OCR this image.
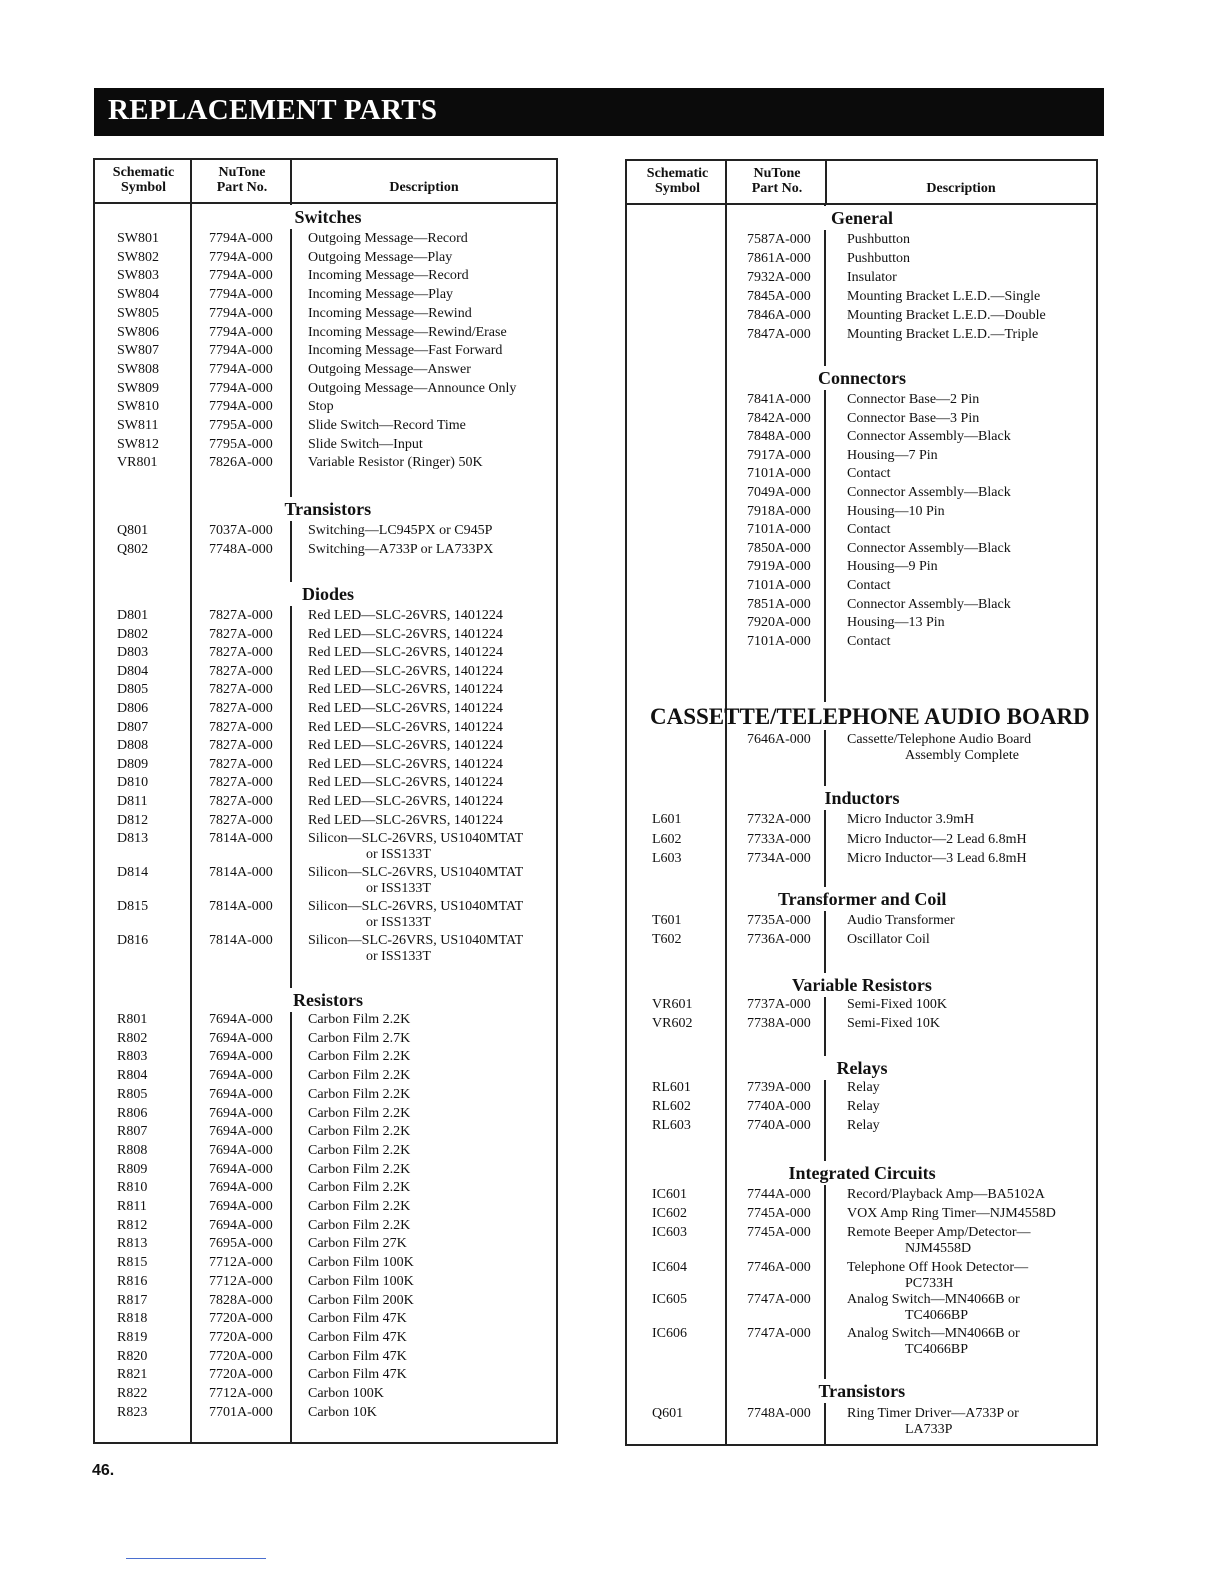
REPLACEMENT PARTS
Schematic
Symbol
NuTone
Part No.	Description
Switches
SW801	7794A-000	Outgoing Message—Record
SW802	7794A-000	Outgoing Message—Play
SW803	7794A-000	Incoming Message—Record
SW804	7794A-000	Incoming Message—Play
SW805	7794A-000	Incoming Message—Rewind
SW806	7794A-000	Incoming Message—Rewind/Erase
SW807	7794A-000	Incoming Message—Fast Forward
SW808	7794A-000	Outgoing Message—Answer
SW809	7794A-000	Outgoing Message—Announce Only
SW810	7794A-000	Stop
SW811	7795A-000	Slide Switch—Record Time
SW812	7795A-000	Slide Switch—Input
VR801	7826A-000	Variable Resistor (Ringer) 50K
Transistors
Q801	7037A-000	Switching—LC945PX or C945P
Q802	7748A-000	Switching—A733P or LA733PX
Diodes
D801	7827A-000	Red LED—SLC-26VRS, 1401224
D802	7827A-000	Red LED—SLC-26VRS, 1401224
D803	7827A-000	Red LED—SLC-26VRS, 1401224
D804	7827A-000	Red LED—SLC-26VRS, 1401224
D805	7827A-000	Red LED—SLC-26VRS, 1401224
D806	7827A-000	Red LED—SLC-26VRS, 1401224
D807	7827A-000	Red LED—SLC-26VRS, 1401224
D808	7827A-000	Red LED—SLC-26VRS, 1401224
D809	7827A-000	Red LED—SLC-26VRS, 1401224
D810	7827A-000	Red LED—SLC-26VRS, 1401224
D811	7827A-000	Red LED—SLC-26VRS, 1401224
D812	7827A-000	Red LED—SLC-26VRS, 1401224
D813	7814A-000	Silicon—SLC-26VRS, US1040MTAT
or ISS133T
D814	7814A-000	Silicon—SLC-26VRS, US1040MTAT
or ISS133T
D815	7814A-000	Silicon—SLC-26VRS, US1040MTAT
or ISS133T
D816	7814A-000	Silicon—SLC-26VRS, US1040MTAT
or ISS133T
Resistors
R801	7694A-000	Carbon Film 2.2K
R802	7694A-000	Carbon Film 2.7K
R803	7694A-000	Carbon Film 2.2K
R804	7694A-000	Carbon Film 2.2K
R805	7694A-000	Carbon Film 2.2K
R806	7694A-000	Carbon Film 2.2K
R807	7694A-000	Carbon Film 2.2K
R808	7694A-000	Carbon Film 2.2K
R809	7694A-000	Carbon Film 2.2K
R810	7694A-000	Carbon Film 2.2K
R811	7694A-000	Carbon Film 2.2K
R812	7694A-000	Carbon Film 2.2K
R813	7695A-000	Carbon Film 27K
R815	7712A-000	Carbon Film 100K
R816	7712A-000	Carbon Film 100K
R817	7828A-000	Carbon Film 200K
R818	7720A-000	Carbon Film 47K
R819	7720A-000	Carbon Film 47K
R820	7720A-000	Carbon Film 47K
R821	7720A-000	Carbon Film 47K
R822	7712A-000	Carbon 100K
R823	7701A-000	Carbon 10K
Schematic
Symbol
NuTone
Part No.	Description
General
7587A-000	Pushbutton
7861A-000	Pushbutton
7932A-000	Insulator
7845A-000	Mounting Bracket L.E.D.—Single
7846A-000	Mounting Bracket L.E.D.—Double
7847A-000	Mounting Bracket L.E.D.—Triple
Connectors
7841A-000	Connector Base—2 Pin
7842A-000	Connector Base—3 Pin
7848A-000	Connector Assembly—Black
7917A-000	Housing—7 Pin
7101A-000	Contact
7049A-000	Connector Assembly—Black
7918A-000	Housing—10 Pin
7101A-000	Contact
7850A-000	Connector Assembly—Black
7919A-000	Housing—9 Pin
7101A-000	Contact
7851A-000	Connector Assembly—Black
7920A-000	Housing—13 Pin
7101A-000	Contact
7646A-000	Cassette/Telephone Audio Board
Assembly Complete
Inductors
L601	7732A-000	Micro Inductor 3.9mH
L602	7733A-000	Micro Inductor—2 Lead 6.8mH
L603	7734A-000	Micro Inductor—3 Lead 6.8mH
Transformer and Coil
T601	7735A-000	Audio Transformer
T602	7736A-000	Oscillator Coil
Variable Resistors
VR601	7737A-000	Semi-Fixed 100K
VR602	7738A-000	Semi-Fixed 10K
Relays
RL601	7739A-000	Relay
RL602	7740A-000	Relay
RL603	7740A-000	Relay
Integrated Circuits
IC601	7744A-000	Record/Playback Amp—BA5102A
IC602	7745A-000	VOX Amp Ring Timer—NJM4558D
IC603	7745A-000	Remote Beeper Amp/Detector—
NJM4558D
IC604	7746A-000	Telephone Off Hook Detector—
PC733H
IC605	7747A-000	Analog Switch—MN4066B or
TC4066BP
IC606	7747A-000	Analog Switch—MN4066B or
TC4066BP
Transistors
Q601	7748A-000	Ring Timer Driver—A733P or
LA733P
CASSETTE/TELEPHONE AUDIO BOARD
46.
